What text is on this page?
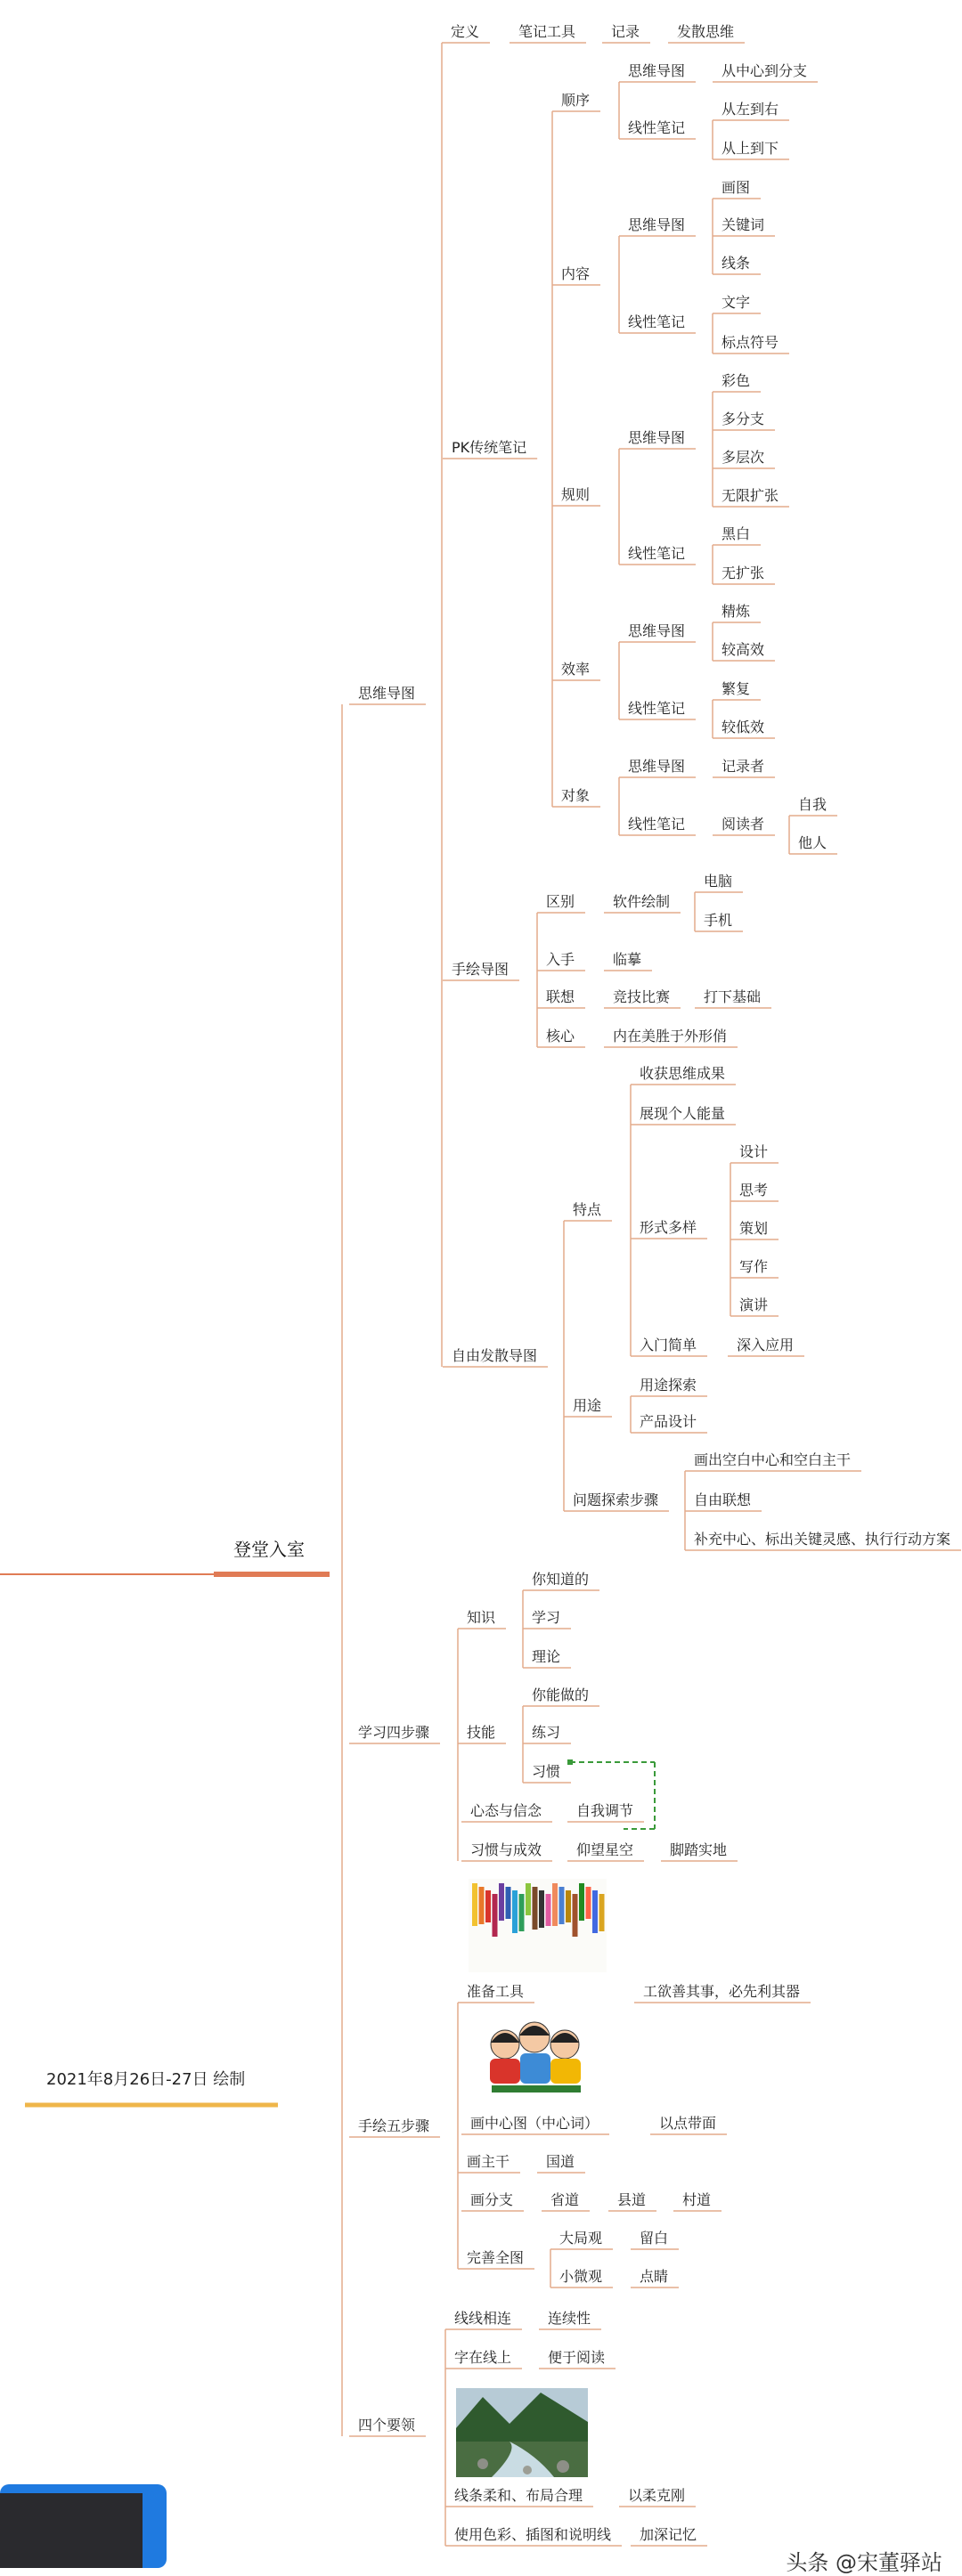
登堂入室
2021年8月26日-27日 绘制
思维导图
定义	笔记工具 记录	发散思维
PK传统笔记
顺序
思维导图	从中心到分支
线性笔记
从左到右
从上到下
内容
思维导图
画图
关键词
线条
线性笔记
文字
标点符号
规则
思维导图
彩色
多分支
多层次
无限扩张
线性笔记
黑白
无扩张
效率
思维导图
精炼
较高效
线性笔记
繁复
较低效
对象
思维导图	记录者
线性笔记	阅读者
自我
他人
手绘导图
区别	软件绘制
电脑
手机
入手	临摹
联想	竞技比赛 打下基础
核心	内在美胜于外形俏
自由发散导图
特点
收获思维成果
展现个人能量
形式多样
设计
思考
策划
写作
演讲
入门简单	深入应用
用途
用途探索
产品设计
问题探索步骤
画出空白中心和空白主干
自由联想
补充中心、标出关键灵感、执行行动方案
学习四步骤
知识
你知道的
学习
理论
技能
你能做的
练习
习惯
心态与信念 自我调节
习惯与成效 仰望星空	脚踏实地
手绘五步骤
准备工具	工欲善其事，必先利其器
画中心图（中心词）	以点带面
画主干	国道
画分支	省道	县道	村道
完善全图
大局观	留白
小微观	点睛
四个要领
线线相连	连续性
字在线上	便于阅读
线条柔和、布局合理	以柔克刚
使用色彩、插图和说明线 加深记忆
头条 @宋董驿站
